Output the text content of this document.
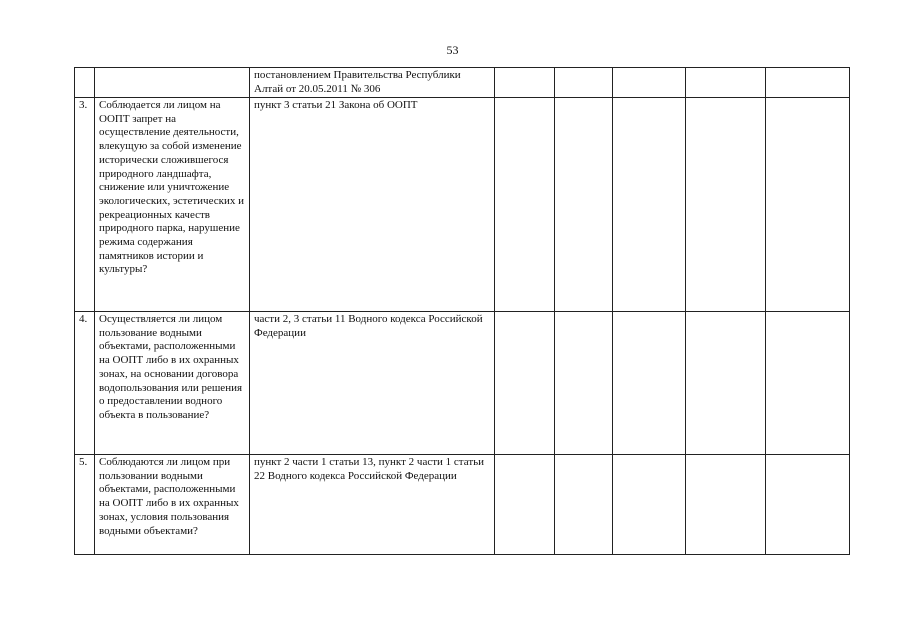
53
		постановлением Правительства Республики Алтай от 20.05.2011 № 306					
3.	Соблюдается ли лицом на ООПТ запрет на осуществление деятельности, влекущую за собой изменение исторически сложившегося природного ландшафта, снижение или уничтожение экологических, эстетических и рекреационных качеств природного парка, нарушение режима содержания памятников истории и культуры?	пункт 3 статьи 21 Закона об ООПТ					
4.	Осуществляется ли лицом пользование водными объектами, расположенными на ООПТ либо в их охранных зонах, на основании договора водопользования или решения о предоставлении водного объекта в пользование?	части 2, 3 статьи 11 Водного кодекса Российской Федерации					
5.	Соблюдаются ли лицом при пользовании водными объектами, расположенными на ООПТ либо в их охранных зонах, условия пользования водными объектами?	пункт 2 части 1 статьи 13, пункт 2 части 1 статьи 22 Водного кодекса Российской Федерации					
